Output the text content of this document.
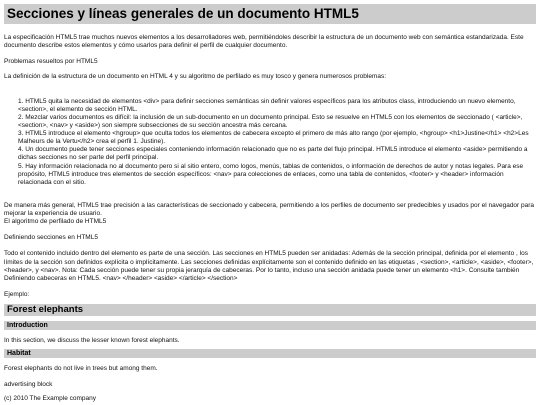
Secciones y líneas generales de un documento HTML5

La especificación HTML5 trae muchos nuevos elementos a los desarrolladores web, permitiéndoles describir la estructura de un documento web con semántica estandarizada. Este documento describe estos elementos y cómo usarlos para definir el perfil de cualquier documento.

Problemas resueltos por HTML5

La definición de la estructura de un documento en HTML 4 y su algoritmo de perfilado es muy tosco y genera numerosos problemas:

1. HTML5 quita la necesidad de elementos <div> para definir secciones semánticas sin definir valores específicos para los atributos class, introduciendo un nuevo elemento, <section>, el elemento de sección HTML.
2. Mezclar varios documentos es difícil: la inclusión de un sub-documento en un documento principal. Esto se resuelve en HTML5 con los elementos de seccionado ( <article>, <section>, <nav> y <aside>) son siempre subsecciones de su sección ancestra más cercana.
3. HTML5 introduce el elemento <hgroup> que oculta todos los elementos de cabecera excepto el primero de más alto rango (por ejemplo, <hgroup> <h1>Justine</h1> <h2>Les Malheurs de la Vertu</h2> crea el perfil 1. Justine).
4. Un documento puede tener secciones especiales conteniendo información relacionado que no es parte del flujo principal. HTML5 introduce el elemento <aside> permitiendo a dichas secciones no ser parte del perfil principal.
5. Hay información relacionada no al documento pero si al sitio entero, como logos, menús, tablas de contenidos, o información de derechos de autor y notas legales. Para ese propósito, HTML5 introduce tres elementos de sección específicos: <nav> para colecciones de enlaces, como una tabla de contenidos, <footer> y <header> información relacionada con el sitio.

De manera más general, HTML5 trae precisión a las características de seccionado y cabecera, permitiendo a los perfiles de documento ser predecibles y usados por el navegador para mejorar la experiencia de usuario.

El algoritmo de perfilado de HTML5

Definiendo secciones en HTML5

Todo el contenido incluido dentro del elemento es parte de una sección. Las secciones en HTML5 pueden ser anidadas: Además de la sección principal, definida por el elemento , los límites de la sección son definidos explícita o implícitamente. Las secciones definidas explícitamente son el contenido definido en las etiquetas , <section>, <article>, <aside>, <footer>, <header>, y <nav>. Nota: Cada sección puede tener su propia jerarquía de cabeceras. Por lo tanto, incluso una sección anidada puede tener un elemento <h1>. Consulte también Definiendo cabeceras en HTML5. <nav> </header> <aside> </article> </section>

Ejemplo:

Forest elephants
Introduction

In this section, we discuss the lesser known forest elephants.

Habitat

Forest elephants do not live in trees but among them.

advertising block

(c) 2010 The Example company
